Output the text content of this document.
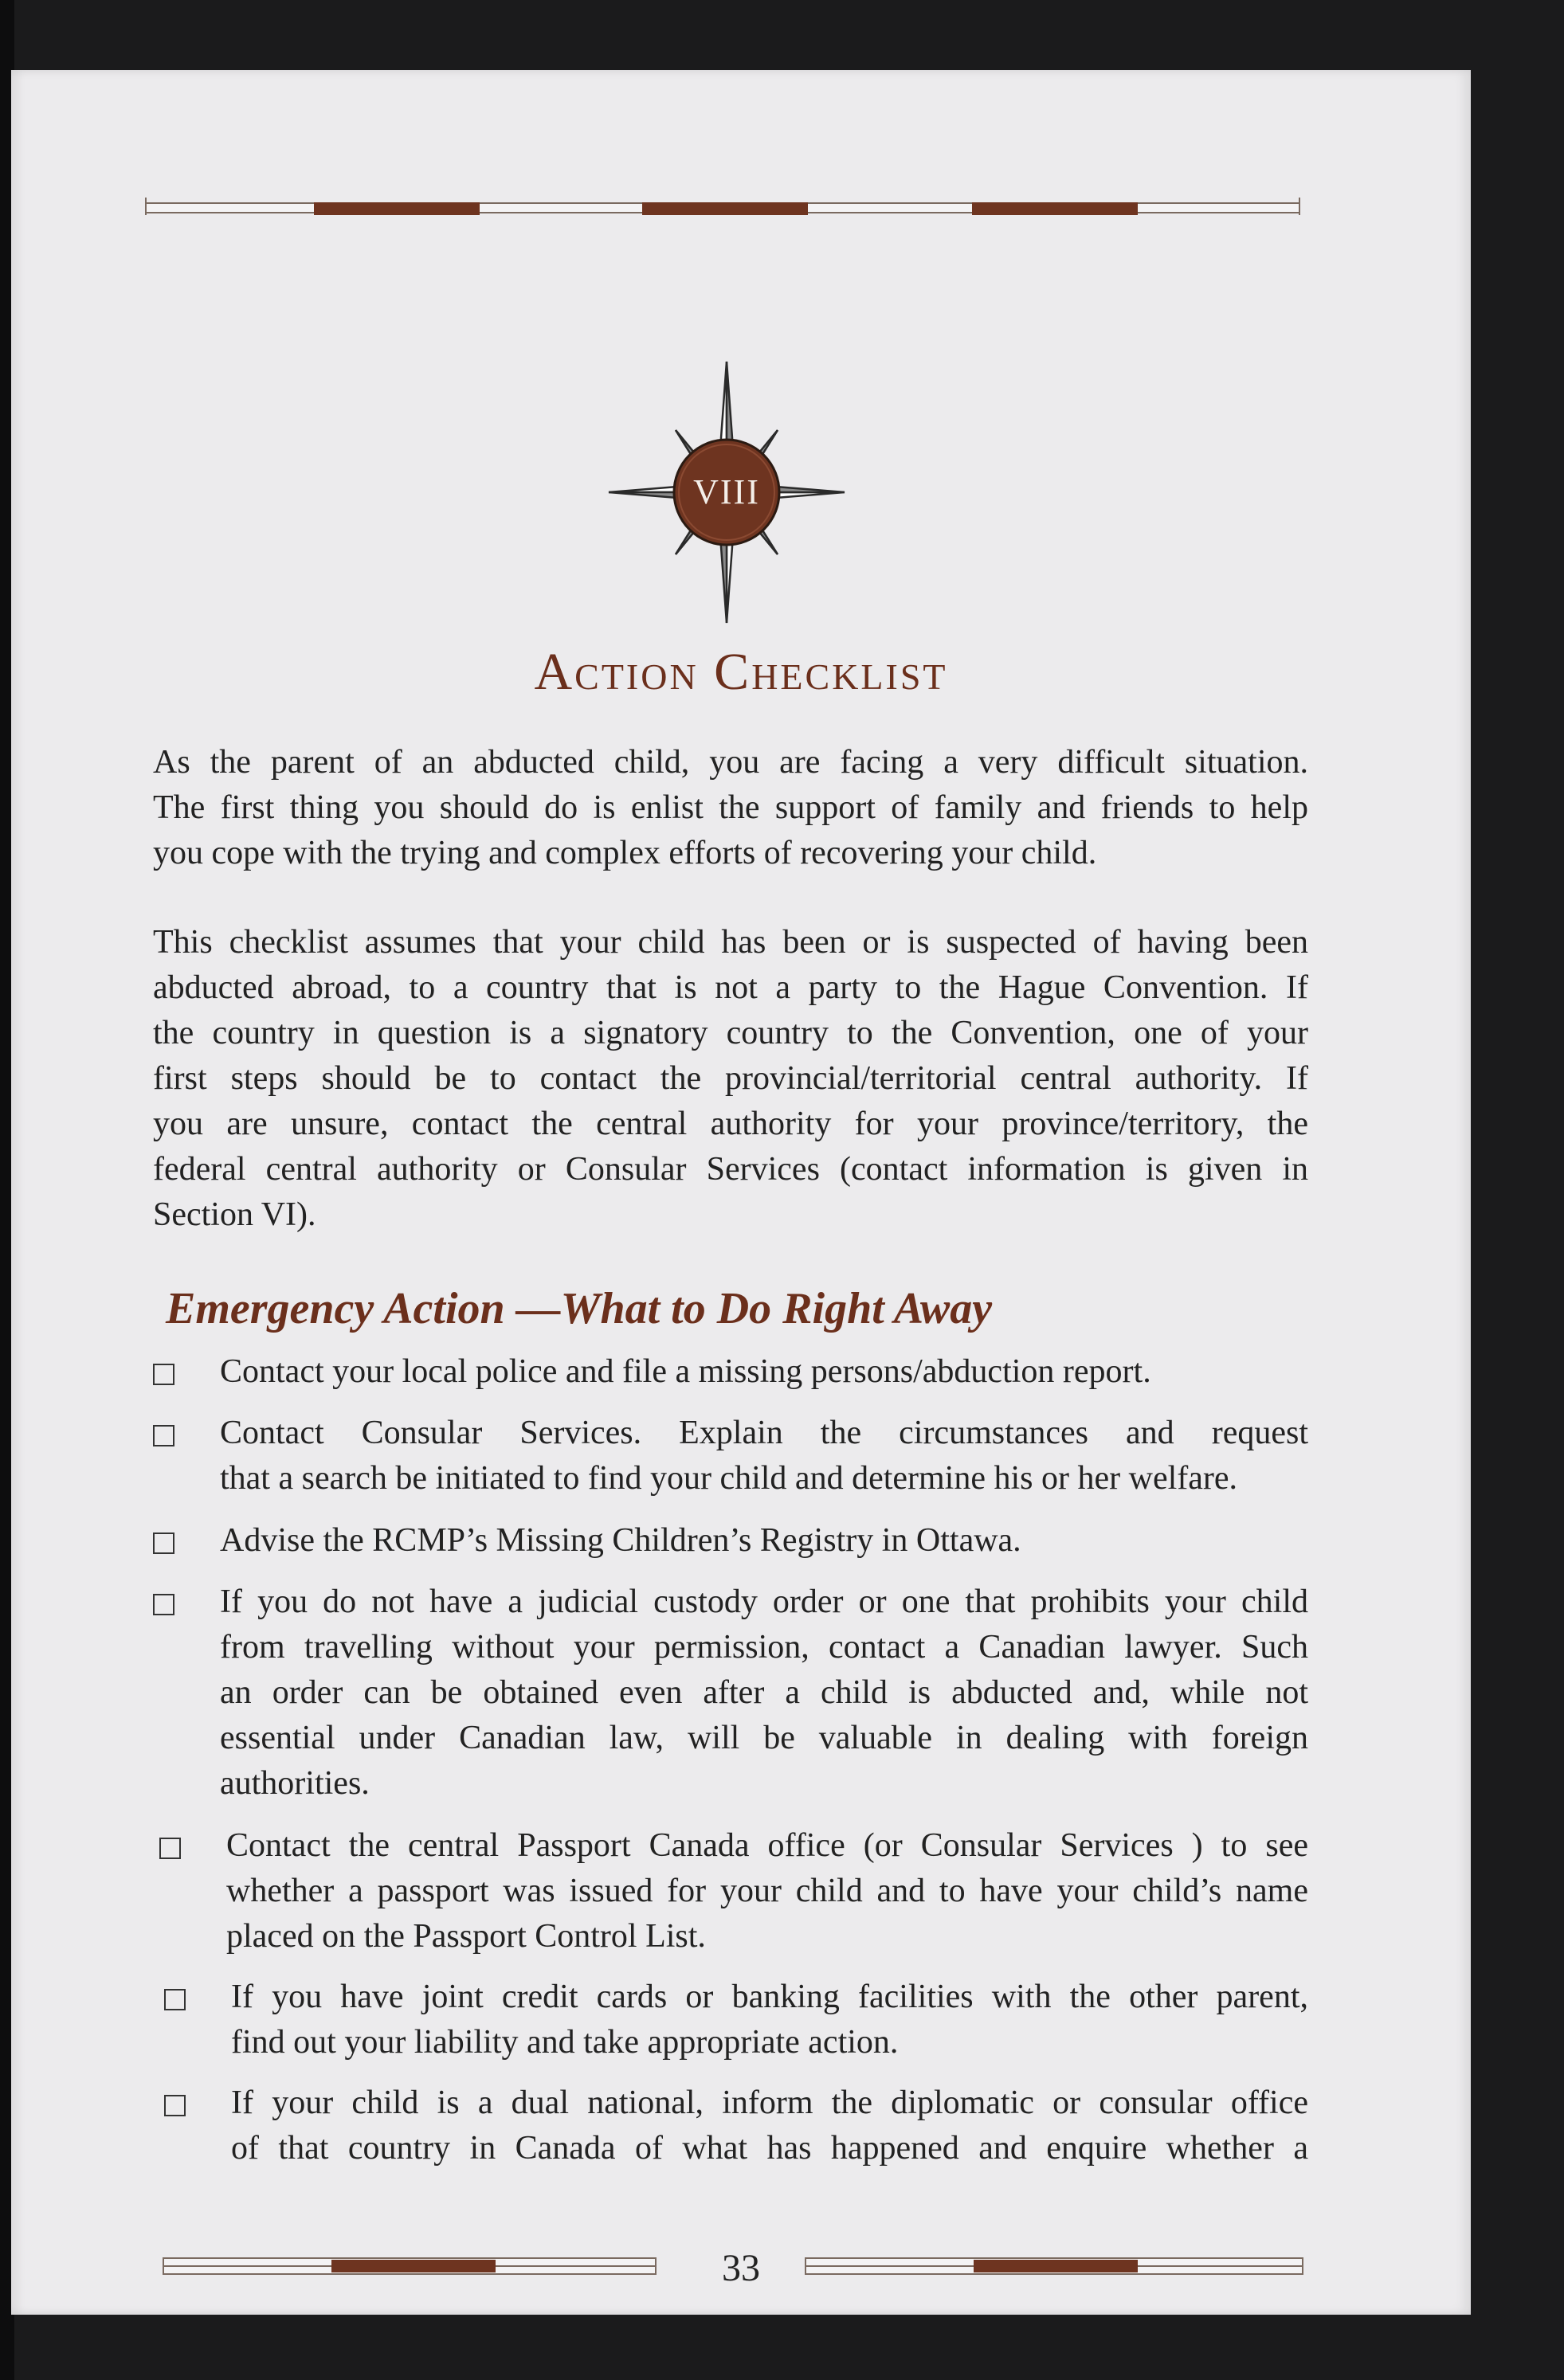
VIII
Action Checklist
As the parent of an abducted child, you are facing a very difficult situation.
The first thing you should do is enlist the support of family and friends to help
you cope with the trying and complex efforts of recovering your child.
This checklist assumes that your child has been or is suspected of having been
abducted abroad, to a country that is not a party to the Hague Convention. If
the country in question is a signatory country to the Convention, one of your
first steps should be to contact the provincial/territorial central authority. If
you are unsure, contact the central authority for your province/territory, the
federal central authority or Consular Services (contact information is given in
Section VI).
Emergency Action —What to Do Right Away
Contact your local police and file a missing persons/abduction report.
Contact Consular Services. Explain the circumstances and request
that a search be initiated to find your child and determine his or her welfare.
Advise the RCMP’s Missing Children’s Registry in Ottawa.
If you do not have a judicial custody order or one that prohibits your child
from travelling without your permission, contact a Canadian lawyer. Such
an order can be obtained even after a child is abducted and, while not
essential under Canadian law, will be valuable in dealing with foreign
authorities.
Contact the central Passport Canada office (or Consular Services ) to see
whether a passport was issued for your child and to have your child’s name
placed on the Passport Control List.
If you have joint credit cards or banking facilities with the other parent,
find out your liability and take appropriate action.
If your child is a dual national, inform the diplomatic or consular office
of that country in Canada of what has happened and enquire whether a
33
